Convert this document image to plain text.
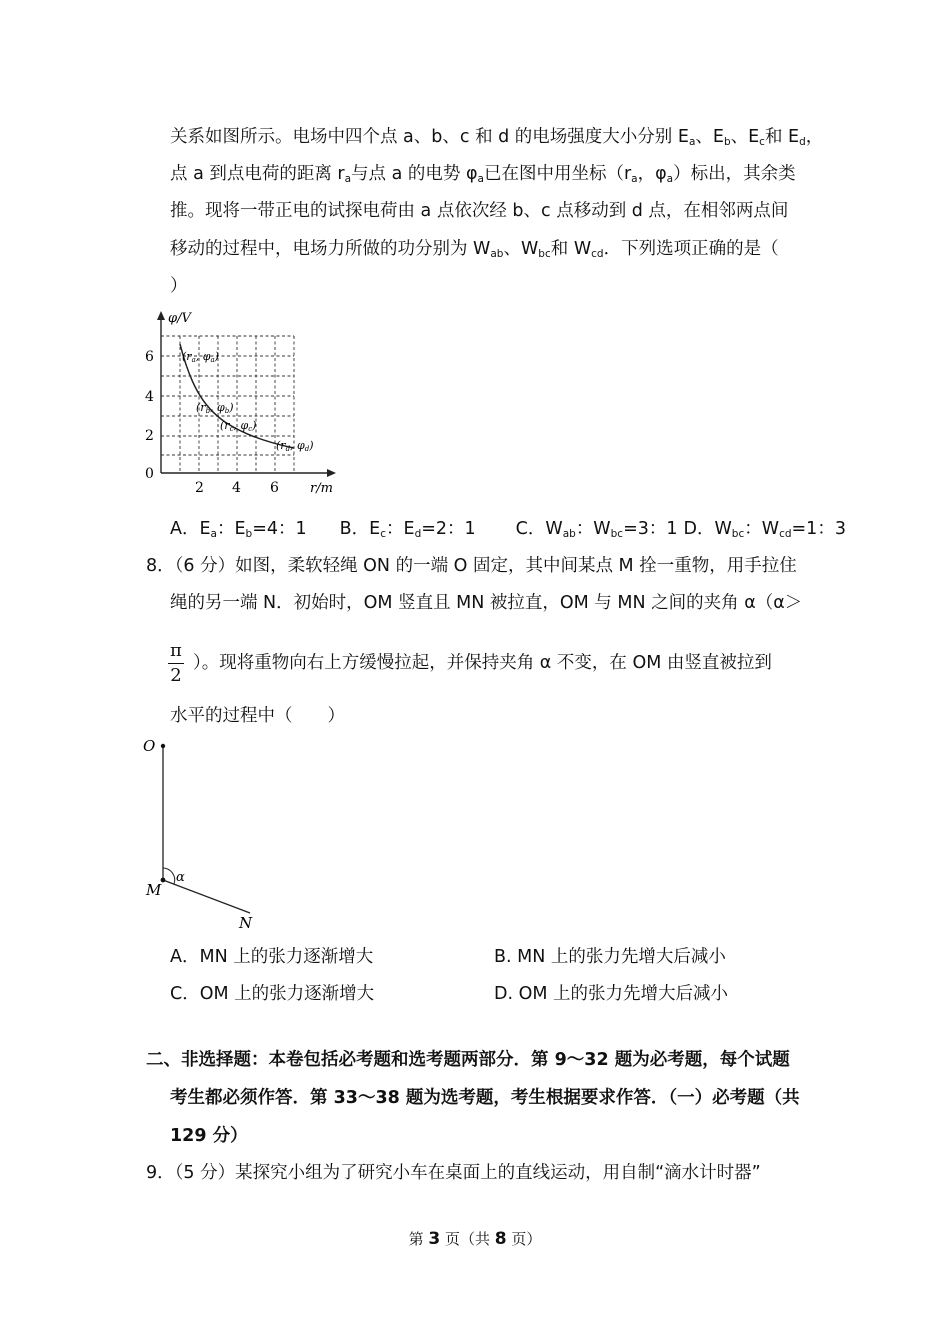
关系如图所示。电场中四个点 a、b、c 和 d 的电场强度大小分别 $E_a$、$E_b$、$E_c$和 $E_d$，
点 a 到点电荷的距离 $r_a$与点 a 的电势 $\varphi_a$已在图中用坐标（$r_a$，$\varphi_a$）标出，其余类
推。现将一带正电的试探电荷由 a 点依次经 b、c 点移动到 d 点，在相邻两点间
移动的过程中，电场力所做的功分别为 $W_{ab}$、$W_{bc}$和 $W_{cd}$．下列选项正确的是（
）
φ/V
r/m
0
2
4
6
2 4 6
(ra, φa)
(rb, φb)
(rc, φc)
(rd, φd)
A．$E_a$：$E_b=4$：1 B．$E_c$：$E_d=2$：1 C．$W_{ab}$：$W_{bc}=3$：1 D．$W_{bc}$：$W_{cd}=1$：3
8．（6 分）如图，柔软轻绳 ON 的一端 O 固定，其中间某点 M 拴一重物，用手拉住
绳的另一端 N．初始时，OM 竖直且 MN 被拉直，OM 与 MN 之间的夹角 α（α＞
$\frac{\pi}{2}$ ）。现将重物向右上方缓慢拉起，并保持夹角 α 不变，在 OM 由竖直被拉到
水平的过程中（　　）
O
M
α
N
A．MN 上的张力逐渐增大	B. MN 上的张力先增大后减小
C．OM 上的张力逐渐增大	D. OM 上的张力先增大后减小
二、非选择题：本卷包括必考题和选考题两部分．第 9～32 题为必考题，每个试题
考生都必须作答．第 33～38 题为选考题，考生根据要求作答．（一）必考题（共
129 分）
9．（5 分）某探究小组为了研究小车在桌面上的直线运动，用自制“滴水计时器”
第 3 页（共 8 页）
